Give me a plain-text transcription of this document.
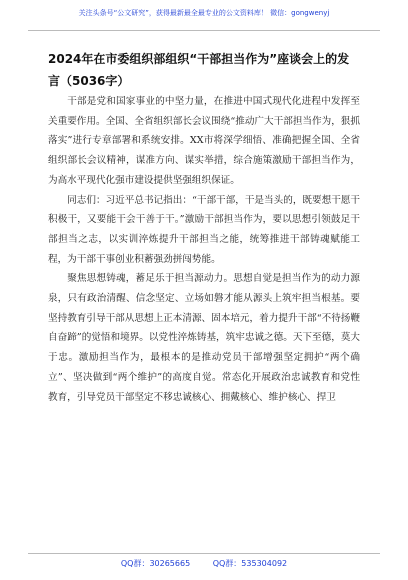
关注头条号“公文研究”，获得最新最全最专业的公文资料库！ 微信：gongwenyj
2024年在市委组织部组织“干部担当作为”座谈会上的发言（5036字）

干部是党和国家事业的中坚力量，在推进中国式现代化进程中发挥至关重要作用。全国、全省组织部长会议围绕“推动广大干部担当作为，狠抓落实”进行专章部署和系统安排。XX市将深学细悟、准确把握全国、全省组织部长会议精神，谋准方向、谋实举措，综合施策激励干部担当作为，为高水平现代化强市建设提供坚强组织保证。

同志们：习近平总书记指出：“干部干部，干是当头的，既要想干愿干积极干，又要能干会干善于干。”激励干部担当作为，要以思想引领鼓足干部担当之志，以实训淬炼提升干部担当之能，统筹推进干部铸魂赋能工程，为干部干事创业积蓄强劲拼闯势能。

聚焦思想铸魂，蓄足乐于担当源动力。思想自觉是担当作为的动力源泉，只有政治清醒、信念坚定、立场如磐才能从源头上筑牢担当根基。要坚持教育引导干部从思想上正本清源、固本培元，着力提升干部“不待扬鞭自奋蹄”的觉悟和境界。以党性淬炼铸基，筑牢忠诚之德。天下至德，莫大于忠。激励担当作为，最根本的是推动党员干部增强坚定拥护“两个确立”、坚决做到“两个维护”的高度自觉。常态化开展政治忠诚教育和党性教育，引导党员干部坚定不移忠诚核心、拥戴核心、维护核心、捍卫

QQ群：30265665	QQ群：535304092
